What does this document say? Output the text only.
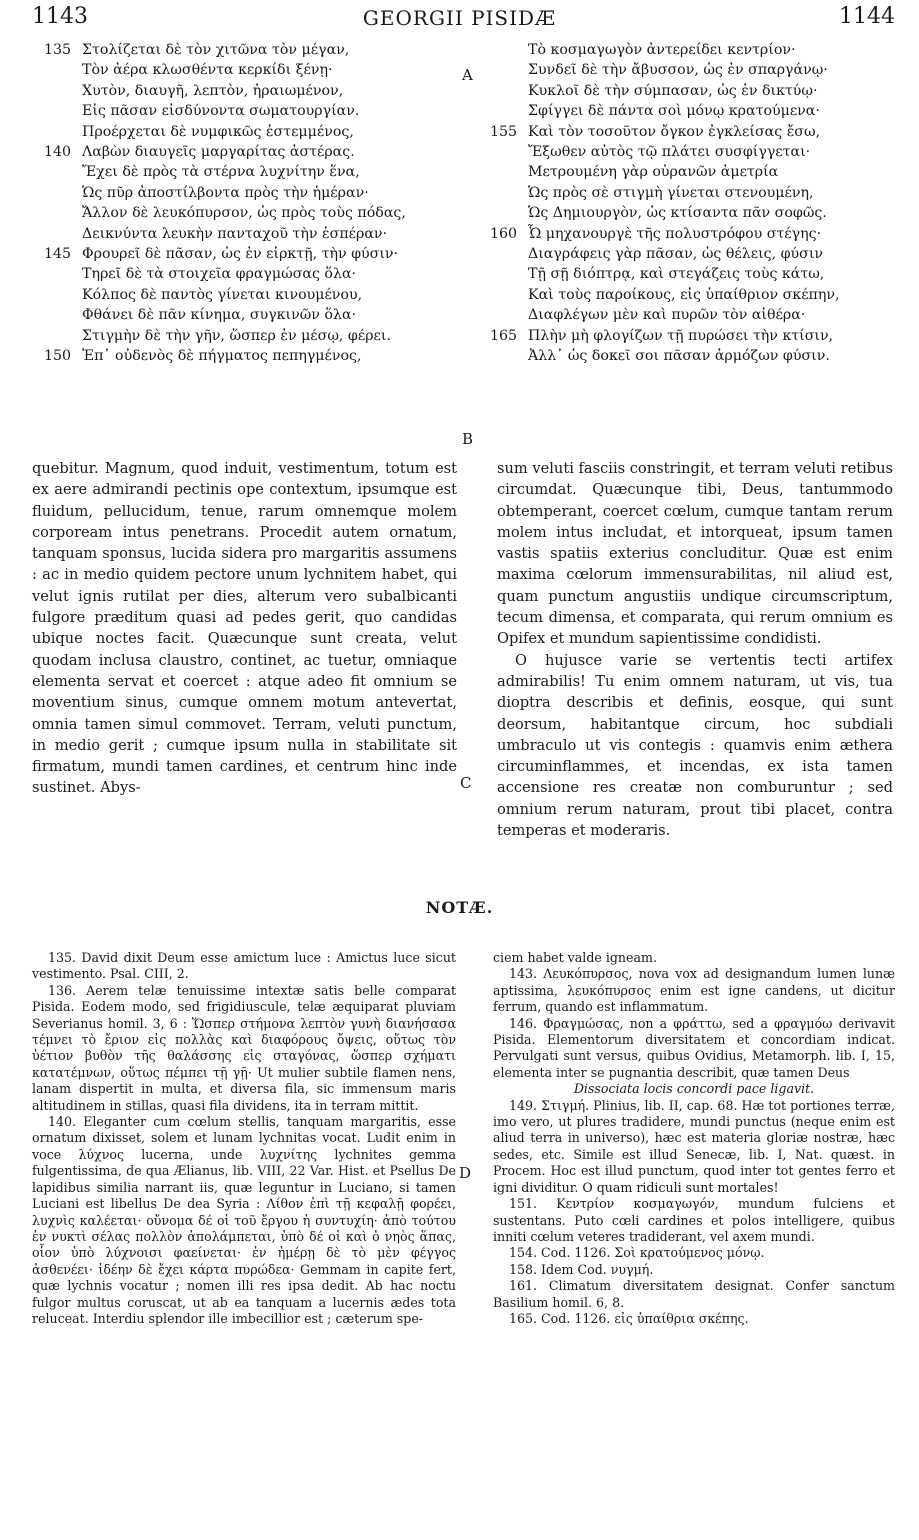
1143	GEORGII PISIDÆ	1144
135 Στολίζεται δὲ τὸν χιτῶνα τὸν μέγαν,
Τὸν ἀέρα κλωσθέντα κερκίδι ξένῃ·
Χυτὸν, διαυγῆ, λεπτὸν, ἠραιωμένον,
Εἰς πᾶσαν εἰσδύνοντα σωματουργίαν.
Προέρχεται δὲ νυμφικῶς ἐστεμμένος,
140 Λαβὼν διαυγεῖς μαργαρίτας ἀστέρας.
Ἔχει δὲ πρὸς τὰ στέρνα λυχνίτην ἕνα,
Ὡς πῦρ ἀποστίλβοντα πρὸς τὴν ἡμέραν·
Ἄλλον δὲ λευκόπυρσον, ὡς πρὸς τοὺς πόδας,
Δεικνύντα λευκὴν πανταχοῦ τὴν ἑσπέραν·
145 Φρουρεῖ δὲ πᾶσαν, ὡς ἐν εἱρκτῇ, τὴν φύσιν·
Τηρεῖ δὲ τὰ στοιχεῖα φραγμώσας ὅλα·
Κόλπος δὲ παντὸς γίνεται κινουμένου,
Φθάνει δὲ πᾶν κίνημα, συγκινῶν ὅλα·
Στιγμὴν δὲ τὴν γῆν, ὥσπερ ἐν μέσῳ, φέρει.
150 Ἐπ᾽ οὐδενὸς δὲ πήγματος πεπηγμένος,
Τὸ κοσμαγωγὸν ἀντερείδει κεντρίον·
Συνδεῖ δὲ τὴν ἄβυσσον, ὡς ἐν σπαργάνῳ·
Κυκλοῖ δὲ τὴν σύμπασαν, ὡς ἐν δικτύῳ·
Σφίγγει δὲ πάντα σοὶ μόνῳ κρατούμενα·
155 Καὶ τὸν τοσοῦτον ὄγκον ἐγκλείσας ἔσω,
Ἔξωθεν αὐτὸς τῷ πλάτει συσφίγγεται·
Μετρουμένη γὰρ οὐρανῶν ἀμετρία
Ὡς πρὸς σὲ στιγμὴ γίνεται στενουμένη,
Ὡς Δημιουργὸν, ὡς κτίσαντα πᾶν σοφῶς.
160 Ὦ μηχανουργὲ τῆς πολυστρόφου στέγης·
Διαγράφεις γὰρ πᾶσαν, ὡς θέλεις, φύσιν
Τῇ σῇ διόπτρᾳ, καὶ στεγάζεις τοὺς κάτω,
Καὶ τοὺς παροίκους, εἰς ὑπαίθριον σκέπην,
Διαφλέγων μὲν καὶ πυρῶν τὸν αἰθέρα·
165 Πλὴν μὴ φλογίζων τῇ πυρώσει τὴν κτίσιν,
Ἀλλ᾽ ὡς δοκεῖ σοι πᾶσαν ἁρμόζων φύσιν.
A
B
C
D

quebitur. Magnum, quod induit, vestimentum, totum est ex aere admirandi pectinis ope contextum, ipsumque est fluidum, pellucidum, tenue, rarum omnemque molem corpoream intus penetrans. Procedit autem ornatum, tanquam sponsus, lucida sidera pro margaritis assumens : ac in medio quidem pectore unum lychnitem habet, qui velut ignis rutilat per dies, alterum vero subalbicanti fulgore præditum quasi ad pedes gerit, quo candidas ubique noctes facit. Quæcunque sunt creata, velut quodam inclusa claustro, continet, ac tuetur, omniaque elementa servat et coercet : atque adeo fit omnium se moventium sinus, cumque omnem motum antevertat, omnia tamen simul commovet. Terram, veluti punctum, in medio gerit ; cumque ipsum nulla in stabilitate sit firmatum, mundi tamen cardines, et centrum hinc inde sustinet. Abys-

sum veluti fasciis constringit, et terram veluti retibus circumdat. Quæcunque tibi, Deus, tantummodo obtemperant, coercet cœlum, cumque tantam rerum molem intus includat, et intorqueat, ipsum tamen vastis spatiis exterius concluditur. Quæ est enim maxima cœlorum immensurabilitas, nil aliud est, quam punctum angustiis undique circumscriptum, tecum dimensa, et comparata, qui rerum omnium es Opifex et mundum sapientissime condidisti.

O hujusce varie se vertentis tecti artifex admirabilis! Tu enim omnem naturam, ut vis, tua dioptra describis et definis, eosque, qui sunt deorsum, habitantque circum, hoc subdiali umbraculo ut vis contegis : quamvis enim æthera circuminflammes, et incendas, ex ista tamen accensione res creatæ non comburuntur ; sed omnium rerum naturam, prout tibi placet, contra temperas et moderaris.

NOTÆ.

135. David dixit Deum esse amictum luce : Amictus luce sicut vestimento. Psal. CIII, 2.

136. Aerem telæ tenuissime intextæ satis belle comparat Pisida. Eodem modo, sed frigidiuscule, telæ æquiparat pluviam Severianus homil. 3, 6 : Ὥσπερ στήμονα λεπτὸν γυνὴ διανήσασα τέμνει τὸ ἔριον εἰς πολλὰς καὶ διαφόρους ὄψεις, οὕτως τὸν ὑέτιον βυθὸν τῆς θαλάσσης εἰς σταγόνας, ὥσπερ σχήματι κατατέμνων, οὕτως πέμπει τῇ γῇ· Ut mulier subtile flamen nens, lanam dispertit in multa, et diversa fila, sic immensum maris altitudinem in stillas, quasi fila dividens, ita in terram mittit.

140. Eleganter cum cœlum stellis, tanquam margaritis, esse ornatum dixisset, solem et lunam lychnitas vocat. Ludit enim in voce λύχνος lucerna, unde λυχνίτης lychnites gemma fulgentissima, de qua Ælianus, lib. VIII, 22 Var. Hist. et Psellus De lapidibus similia narrant iis, quæ leguntur in Luciano, si tamen Luciani est libellus De dea Syria : Λίθον ἐπὶ τῇ κεφαλῇ φορέει, λυχνὶς καλέεται· οὔνομα δέ οἱ τοῦ ἔργου ἡ συντυχίη· ἀπὸ τούτου ἐν νυκτὶ σέλας πολλὸν ἀπολάμπεται, ὑπὸ δέ οἱ καὶ ὁ νηὸς ἅπας, οἷον ὑπὸ λύχνοισι φαείνεται· ἐν ἡμέρῃ δὲ τὸ μὲν φέγγος ἀσθενέει· ἰδέην δὲ ἔχει κάρτα πυρώδεα· Gemmam in capite fert, quæ lychnis vocatur ; nomen illi res ipsa dedit. Ab hac noctu fulgor multus coruscat, ut ab ea tanquam a lucernis ædes tota reluceat. Interdiu splendor ille imbecillior est ; cæterum spe-

ciem habet valde igneam.

143. Λευκόπυρσος, nova vox ad designandum lumen lunæ aptissima, λευκόπυρσος enim est igne candens, ut dicitur ferrum, quando est inflammatum.

146. Φραγμώσας, non a φράττω, sed a φραγμόω derivavit Pisida. Elementorum diversitatem et concordiam indicat. Pervulgati sunt versus, quibus Ovidius, Metamorph. lib. I, 15, elementa inter se pugnantia describit, quæ tamen Deus

Dissociata locis concordi pace ligavit.

149. Στιγμή. Plinius, lib. II, cap. 68. Hæ tot portiones terræ, imo vero, ut plures tradidere, mundi punctus (neque enim est aliud terra in universo), hæc est materia gloriæ nostræ, hæc sedes, etc. Simile est illud Senecæ, lib. I, Nat. quæst. in Procem. Hoc est illud punctum, quod inter tot gentes ferro et igni dividitur. O quam ridiculi sunt mortales!

151. Κεντρίον κοσμαγωγόν, mundum fulciens et sustentans. Puto cœli cardines et polos intelligere, quibus inniti cœlum veteres tradiderant, vel axem mundi.

154. Cod. 1126. Σοὶ κρατούμενος μόνῳ.

158. Idem Cod. νυγμή.

161. Climatum diversitatem designat. Confer sanctum Basilium homil. 6, 8.

165. Cod. 1126. εἰς ὑπαίθρια σκέπης.
